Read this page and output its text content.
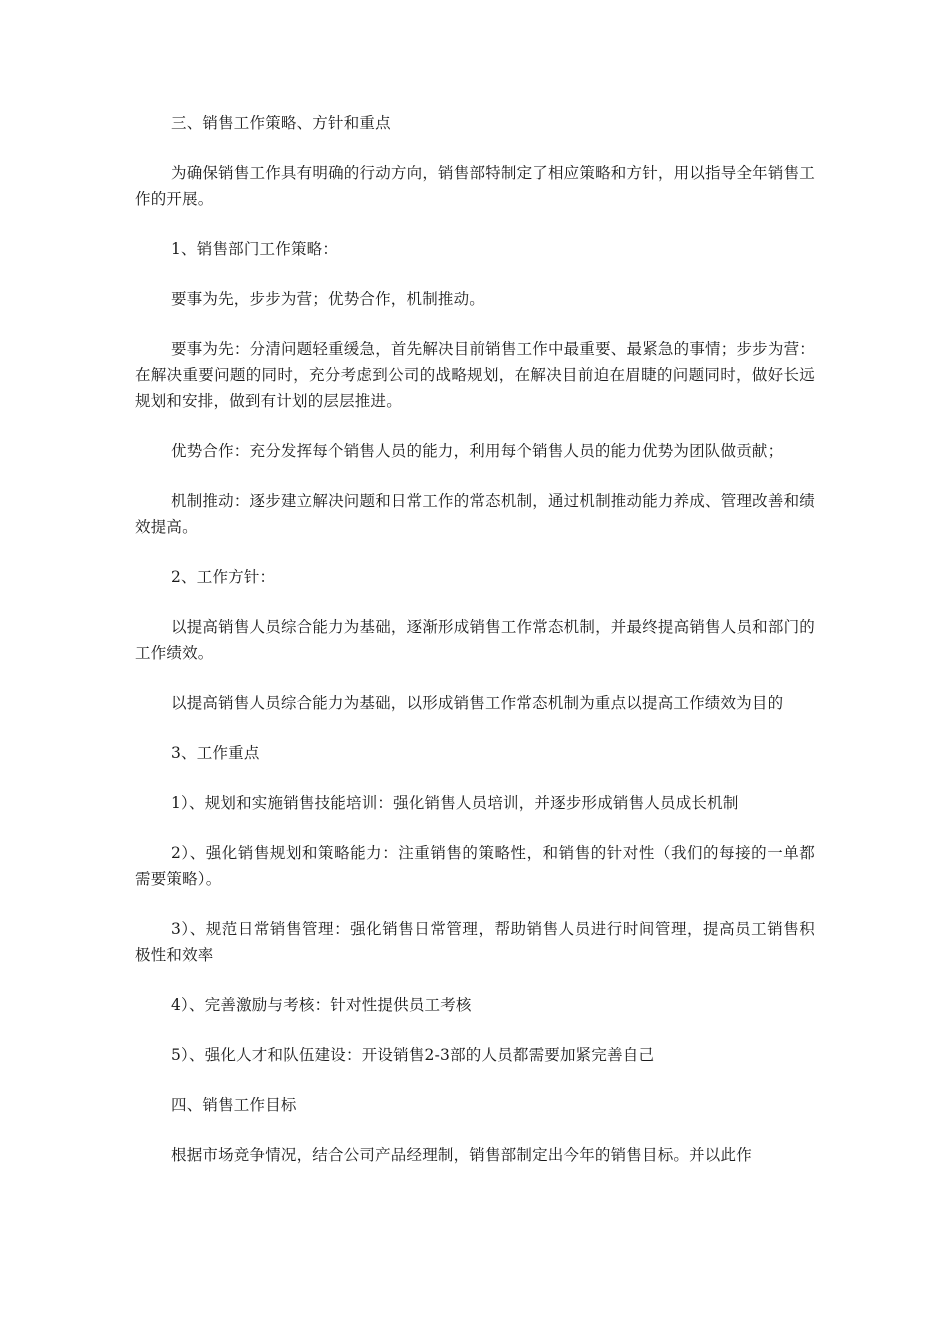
三、销售工作策略、方针和重点

为确保销售工作具有明确的行动方向，销售部特制定了相应策略和方针，用以指导全年销售工作的开展。

1、销售部门工作策略：

要事为先，步步为营；优势合作，机制推动。

要事为先：分清问题轻重缓急，首先解决目前销售工作中最重要、最紧急的事情；步步为营：在解决重要问题的同时，充分考虑到公司的战略规划，在解决目前迫在眉睫的问题同时，做好长远规划和安排，做到有计划的层层推进。

优势合作：充分发挥每个销售人员的能力，利用每个销售人员的能力优势为团队做贡献；

机制推动：逐步建立解决问题和日常工作的常态机制，通过机制推动能力养成、管理改善和绩效提高。

2、工作方针：

以提高销售人员综合能力为基础，逐渐形成销售工作常态机制，并最终提高销售人员和部门的工作绩效。

以提高销售人员综合能力为基础，以形成销售工作常态机制为重点以提高工作绩效为目的

3、工作重点

1）、规划和实施销售技能培训：强化销售人员培训，并逐步形成销售人员成长机制

2）、强化销售规划和策略能力：注重销售的策略性，和销售的针对性（我们的每接的一单都需要策略）。

3）、规范日常销售管理：强化销售日常管理，帮助销售人员进行时间管理，提高员工销售积极性和效率

4）、完善激励与考核：针对性提供员工考核

5）、强化人才和队伍建设：开设销售2-3部的人员都需要加紧完善自己

四、销售工作目标

根据市场竞争情况，结合公司产品经理制，销售部制定出今年的销售目标。并以此作
